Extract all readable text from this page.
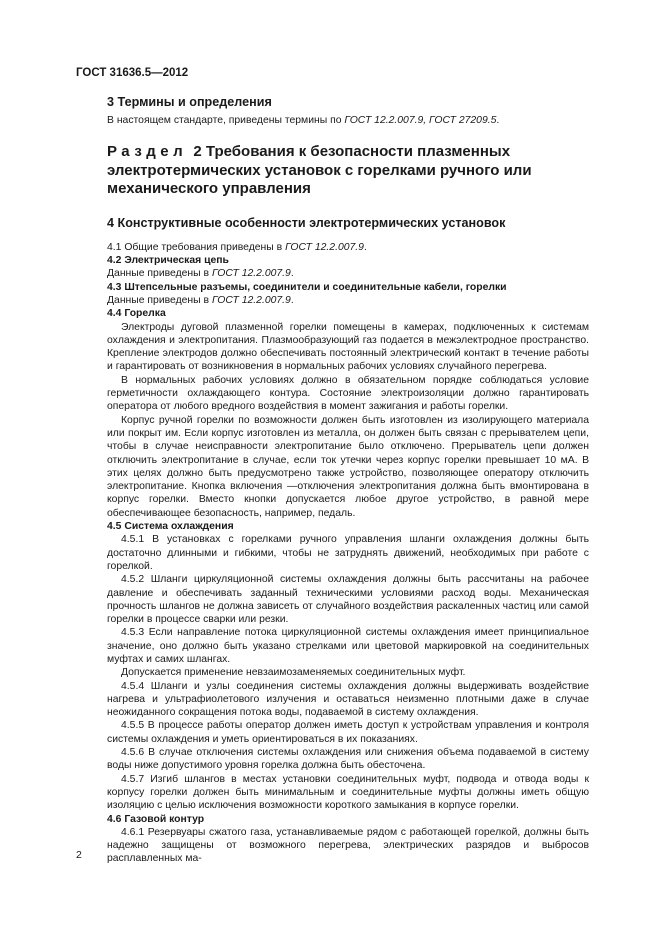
ГОСТ 31636.5—2012
3 Термины и определения

В настоящем стандарте, приведены термины по ГОСТ 12.2.007.9, ГОСТ 27209.5.

Раздел 2 Требования к безопасности плазменных электротермических установок с горелками ручного или механического управления
4 Конструктивные особенности электротермических установок

4.1 Общие требования приведены в ГОСТ 12.2.007.9.

4.2 Электрическая цепь

Данные приведены в ГОСТ 12.2.007.9.

4.3 Штепсельные разъемы, соединители и соединительные кабели, горелки

Данные приведены в ГОСТ 12.2.007.9.

4.4 Горелка

Электроды дуговой плазменной горелки помещены в камерах, подключенных к системам охлаждения и электропитания. Плазмообразующий газ подается в межэлектродное пространство. Крепление электродов должно обеспечивать постоянный электрический контакт в течение работы и гарантировать от возникновения в нормальных рабочих условиях случайного перегрева.

В нормальных рабочих условиях должно в обязательном порядке соблюдаться условие герметичности охлаждающего контура. Состояние электроизоляции должно гарантировать оператора от любого вредного воздействия в момент зажигания и работы горелки.

Корпус ручной горелки по возможности должен быть изготовлен из изолирующего материала или покрыт им. Если корпус изготовлен из металла, он должен быть связан с прерывателем цепи, чтобы в случае неисправности электропитание было отключено. Прерыватель цепи должен отключить электропитание в случае, если ток утечки через корпус горелки превышает 10 мА. В этих целях должно быть предусмотрено также устройство, позволяющее оператору отключить электропитание. Кнопка включения —отключения электропитания должна быть вмонтирована в корпус горелки. Вместо кнопки допускается любое другое устройство, в равной мере обеспечивающее безопасность, например, педаль.

4.5 Система охлаждения

4.5.1 В установках с горелками ручного управления шланги охлаждения должны быть достаточно длинными и гибкими, чтобы не затруднять движений, необходимых при работе с горелкой.

4.5.2 Шланги циркуляционной системы охлаждения должны быть рассчитаны на рабочее давление и обеспечивать заданный техническими условиями расход воды. Механическая прочность шлангов не должна зависеть от случайного воздействия раскаленных частиц или самой горелки в процессе сварки или резки.

4.5.3 Если направление потока циркуляционной системы охлаждения имеет принципиальное значение, оно должно быть указано стрелками или цветовой маркировкой на соединительных муфтах и самих шлангах.

Допускается применение невзаимозаменяемых соединительных муфт.

4.5.4 Шланги и узлы соединения системы охлаждения должны выдерживать воздействие нагрева и ультрафиолетового излучения и оставаться неизменно плотными даже в случае неожиданного сокращения потока воды, подаваемой в систему охлаждения.

4.5.5 В процессе работы оператор должен иметь доступ к устройствам управления и контроля системы охлаждения и уметь ориентироваться в их показаниях.

4.5.6 В случае отключения системы охлаждения или снижения объема подаваемой в систему воды ниже допустимого уровня горелка должна быть обесточена.

4.5.7 Изгиб шлангов в местах установки соединительных муфт, подвода и отвода воды к корпусу горелки должен быть минимальным и соединительные муфты должны иметь общую изоляцию с целью исключения возможности короткого замыкания в корпусе горелки.

4.6 Газовой контур

4.6.1 Резервуары сжатого газа, устанавливаемые рядом с работающей горелкой, должны быть надежно защищены от возможного перегрева, электрических разрядов и выбросов расплавленных ма-

2
